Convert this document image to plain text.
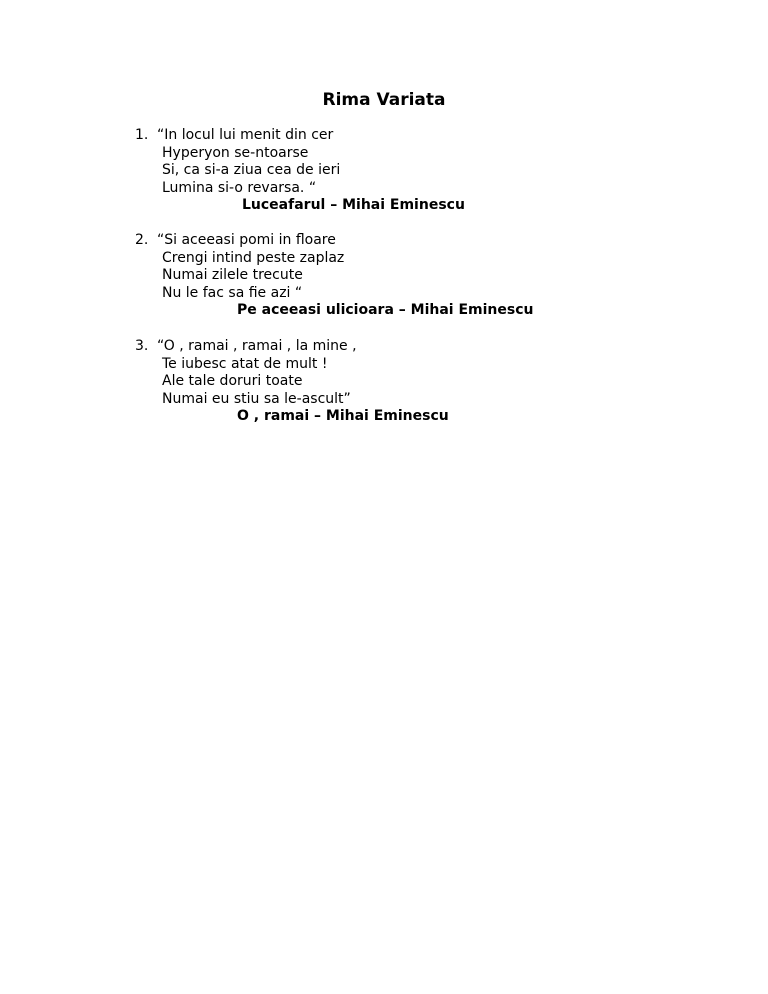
Rima Variata
1. “In locul lui menit din cer
Hyperyon se-ntoarse
Si, ca si-a ziua cea de ieri
Lumina si-o revarsa. “
Luceafarul – Mihai Eminescu
2. “Si aceeasi pomi in floare
Crengi intind peste zaplaz
Numai zilele trecute
Nu le fac sa fie azi “
Pe aceeasi ulicioara – Mihai Eminescu
3. “O , ramai , ramai , la mine ,
Te iubesc atat de mult !
Ale tale doruri toate
Numai eu stiu sa le-ascult”
O , ramai – Mihai Eminescu
